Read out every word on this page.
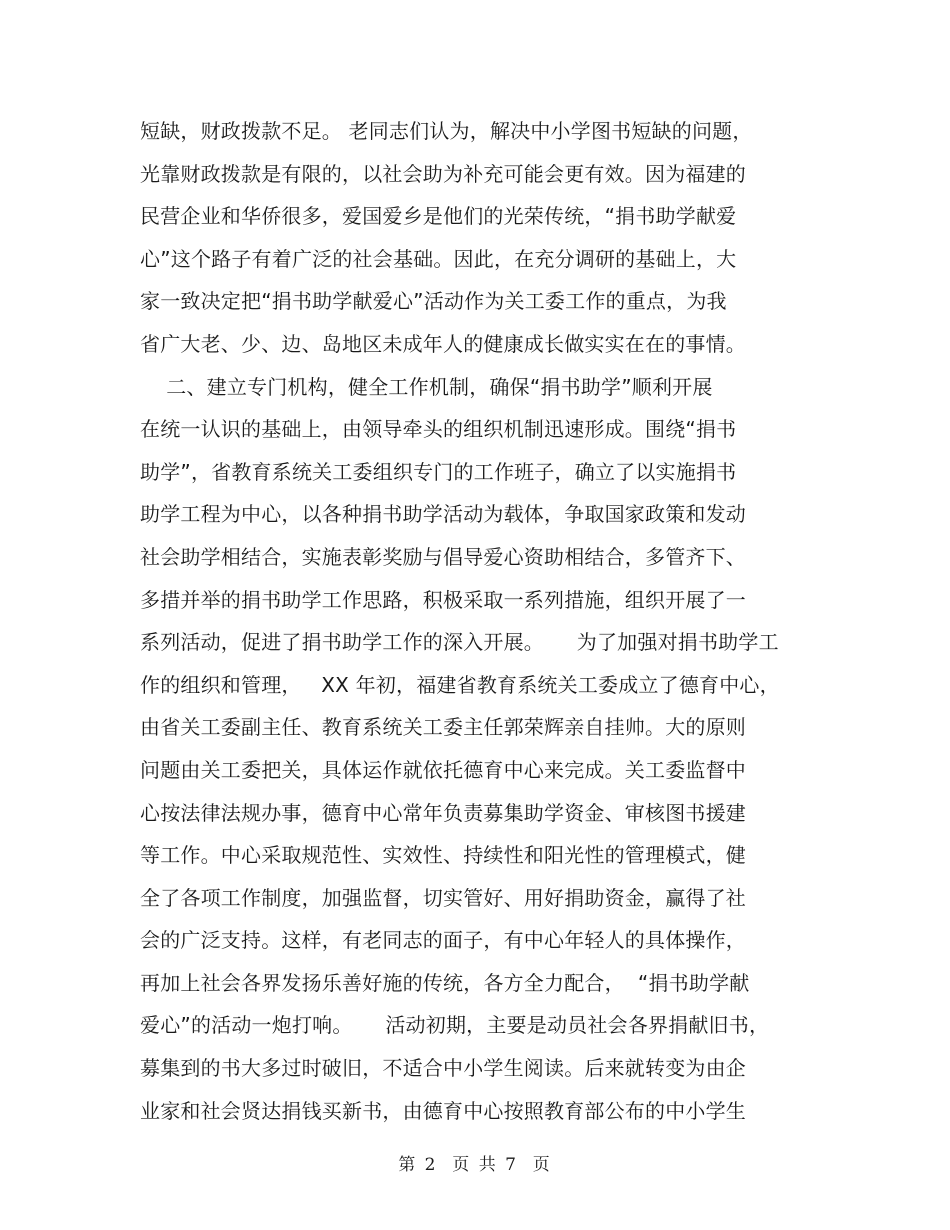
短缺，财政拨款不足。 老同志们认为，解决中小学图书短缺的问题，
光靠财政拨款是有限的，以社会助为补充可能会更有效。因为福建的
民营企业和华侨很多，爱国爱乡是他们的光荣传统，“捐书助学献爱
心”这个路子有着广泛的社会基础。因此，在充分调研的基础上，大
家一致决定把“捐书助学献爱心”活动作为关工委工作的重点，为我
省广大老、少、边、岛地区未成年人的健康成长做实实在在的事情。
二、建立专门机构，健全工作机制，确保“捐书助学”顺利开展
在统一认识的基础上，由领导牵头的组织机制迅速形成。围绕“捐书
助学”，省教育系统关工委组织专门的工作班子，确立了以实施捐书
助学工程为中心，以各种捐书助学活动为载体，争取国家政策和发动
社会助学相结合，实施表彰奖励与倡导爱心资助相结合，多管齐下、
多措并举的捐书助学工作思路，积极采取一系列措施，组织开展了一
系列活动，促进了捐书助学工作的深入开展。     为了加强对捐书助学工
作的组织和管理，   XX 年初，福建省教育系统关工委成立了德育中心，
由省关工委副主任、教育系统关工委主任郭荣辉亲自挂帅。大的原则
问题由关工委把关，具体运作就依托德育中心来完成。关工委监督中
心按法律法规办事，德育中心常年负责募集助学资金、审核图书援建
等工作。中心采取规范性、实效性、持续性和阳光性的管理模式，健
全了各项工作制度，加强监督，切实管好、用好捐助资金，赢得了社
会的广泛支持。这样，有老同志的面子，有中心年轻人的具体操作，
再加上社会各界发扬乐善好施的传统，各方全力配合，  “捐书助学献
爱心”的活动一炮打响。     活动初期，主要是动员社会各界捐献旧书，
募集到的书大多过时破旧，不适合中小学生阅读。后来就转变为由企
业家和社会贤达捐钱买新书，由德育中心按照教育部公布的中小学生
第 2  页 共 7  页
